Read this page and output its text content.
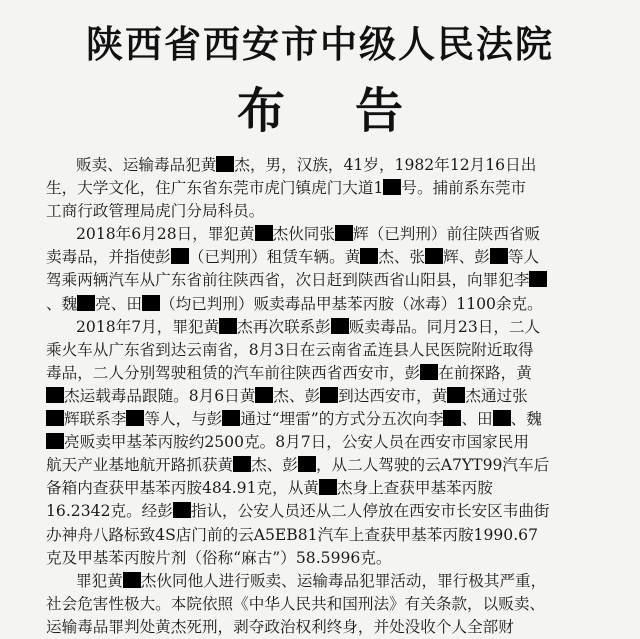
陕西省西安市中级人民法院
布告
贩卖、运输毒品犯黄 杰，男，汉族，41岁，1982年12月16日出
生，大学文化，住广东省东莞市虎门镇虎门大道1 号。捕前系东莞市
工商行政管理局虎门分局科员。
2018年6月28日，罪犯黄 杰伙同张 辉（已判刑）前往陕西省贩
卖毒品，并指使彭 （已判刑）租赁车辆。黄 杰、张 辉、彭 等人
驾乘两辆汽车从广东省前往陕西省，次日赶到陕西省山阳县，向罪犯李
、魏 亮、田 （均已判刑）贩卖毒品甲基苯丙胺（冰毒）1100余克。
2018年7月，罪犯黄 杰再次联系彭 贩卖毒品。同月23日，二人
乘火车从广东省到达云南省，8月3日在云南省孟连县人民医院附近取得
毒品，二人分别驾驶租赁的汽车前往陕西省西安市，彭 在前探路，黄
杰运载毒品跟随。8月6日黄 杰、彭 到达西安市，黄 杰通过张
辉联系李 等人，与彭 通过“埋雷”的方式分五次向李 、田 、魏
亮贩卖甲基苯丙胺约2500克。8月7日，公安人员在西安市国家民用
航天产业基地航开路抓获黄 杰、彭 ，从二人驾驶的云A7YT99汽车后
备箱内查获甲基苯丙胺484.91克，从黄 杰身上查获甲基苯丙胺
16.2342克。经彭 指认，公安人员还从二人停放在西安市长安区韦曲街
办神舟八路标致4S店门前的云A5EB81汽车上查获甲基苯丙胺1990.67
克及甲基苯丙胺片剂（俗称“麻古”）58.5996克。
罪犯黄 杰伙同他人进行贩卖、运输毒品犯罪活动，罪行极其严重，
社会危害性极大。本院依照《中华人民共和国刑法》有关条款，以贩卖、
运输毒品罪判处黄杰死刑，剥夺政治权利终身，并处没收个人全部财
